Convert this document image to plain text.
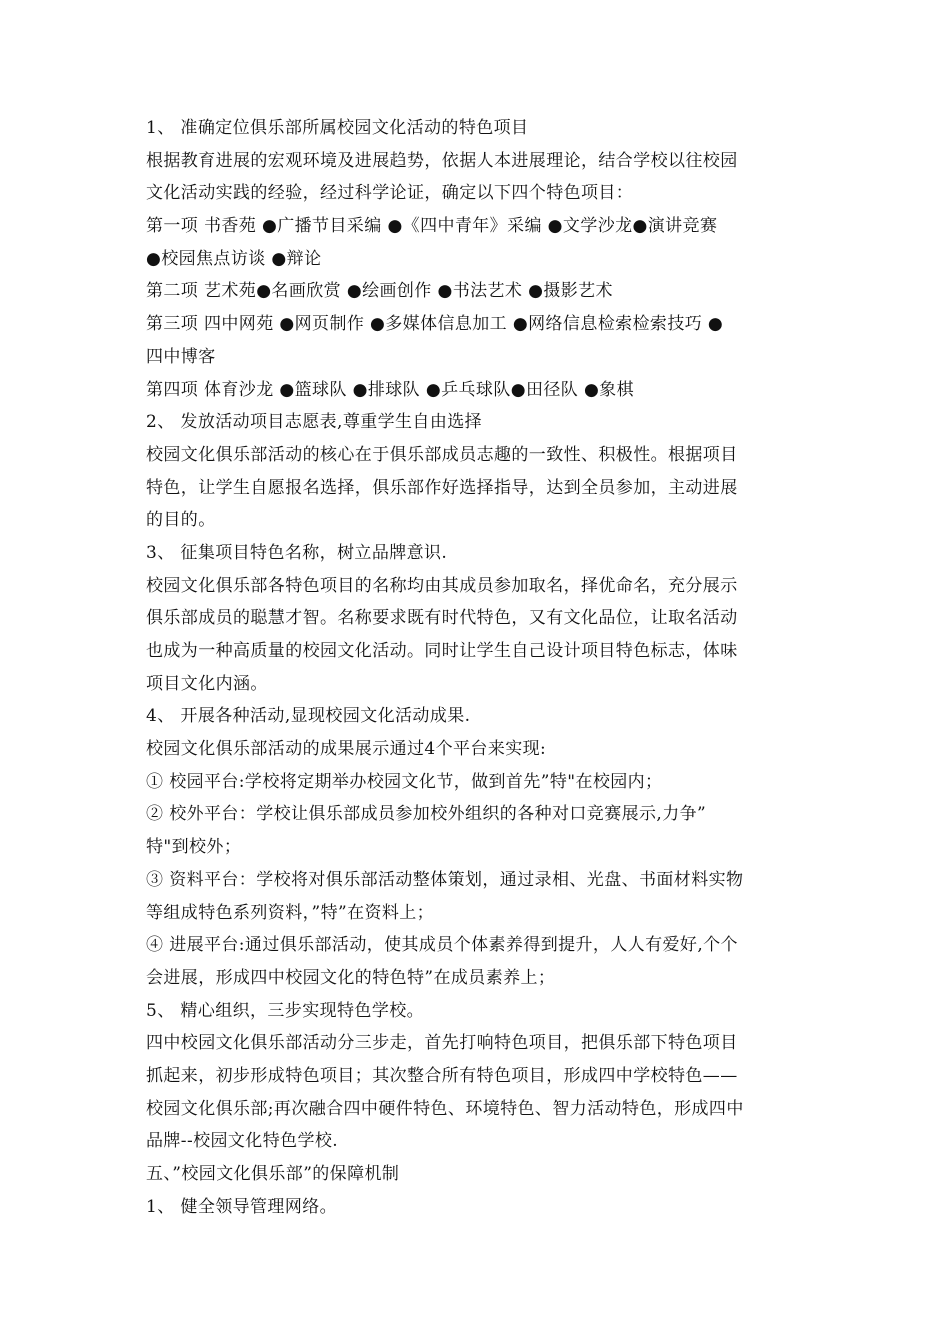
1、 准确定位俱乐部所属校园文化活动的特色项目
根据教育进展的宏观环境及进展趋势，依据人本进展理论，结合学校以往校园
文化活动实践的经验，经过科学论证，确定以下四个特色项目：
第一项 书香苑 ●广播节目采编 ●《四中青年》采编 ●文学沙龙●演讲竞赛
●校园焦点访谈 ●辩论
第二项 艺术苑●名画欣赏 ●绘画创作 ●书法艺术 ●摄影艺术
第三项 四中网苑 ●网页制作 ●多媒体信息加工 ●网络信息检索检索技巧 ●
四中博客
第四项 体育沙龙 ●篮球队 ●排球队 ●乒乓球队●田径队 ●象棋
2、 发放活动项目志愿表,尊重学生自由选择
校园文化俱乐部活动的核心在于俱乐部成员志趣的一致性、积极性。根据项目
特色，让学生自愿报名选择，俱乐部作好选择指导，达到全员参加，主动进展
的目的。
3、 征集项目特色名称，树立品牌意识.
校园文化俱乐部各特色项目的名称均由其成员参加取名，择优命名，充分展示
俱乐部成员的聪慧才智。名称要求既有时代特色，又有文化品位，让取名活动
也成为一种高质量的校园文化活动。同时让学生自己设计项目特色标志，体味
项目文化内涵。
4、 开展各种活动,显现校园文化活动成果.
校园文化俱乐部活动的成果展示通过4个平台来实现:
① 校园平台:学校将定期举办校园文化节，做到首先”特"在校园内；
② 校外平台：学校让俱乐部成员参加校外组织的各种对口竞赛展示,力争”
特"到校外；
③ 资料平台：学校将对俱乐部活动整体策划，通过录相、光盘、书面材料实物
等组成特色系列资料，”特”在资料上；
④ 进展平台:通过俱乐部活动，使其成员个体素养得到提升，人人有爱好,个个
会进展，形成四中校园文化的特色特”在成员素养上；
5、 精心组织，三步实现特色学校。
四中校园文化俱乐部活动分三步走，首先打响特色项目，把俱乐部下特色项目
抓起来，初步形成特色项目；其次整合所有特色项目，形成四中学校特色——
校园文化俱乐部;再次融合四中硬件特色、环境特色、智力活动特色，形成四中
品牌--校园文化特色学校.
五、”校园文化俱乐部”的保障机制
1、 健全领导管理网络。
